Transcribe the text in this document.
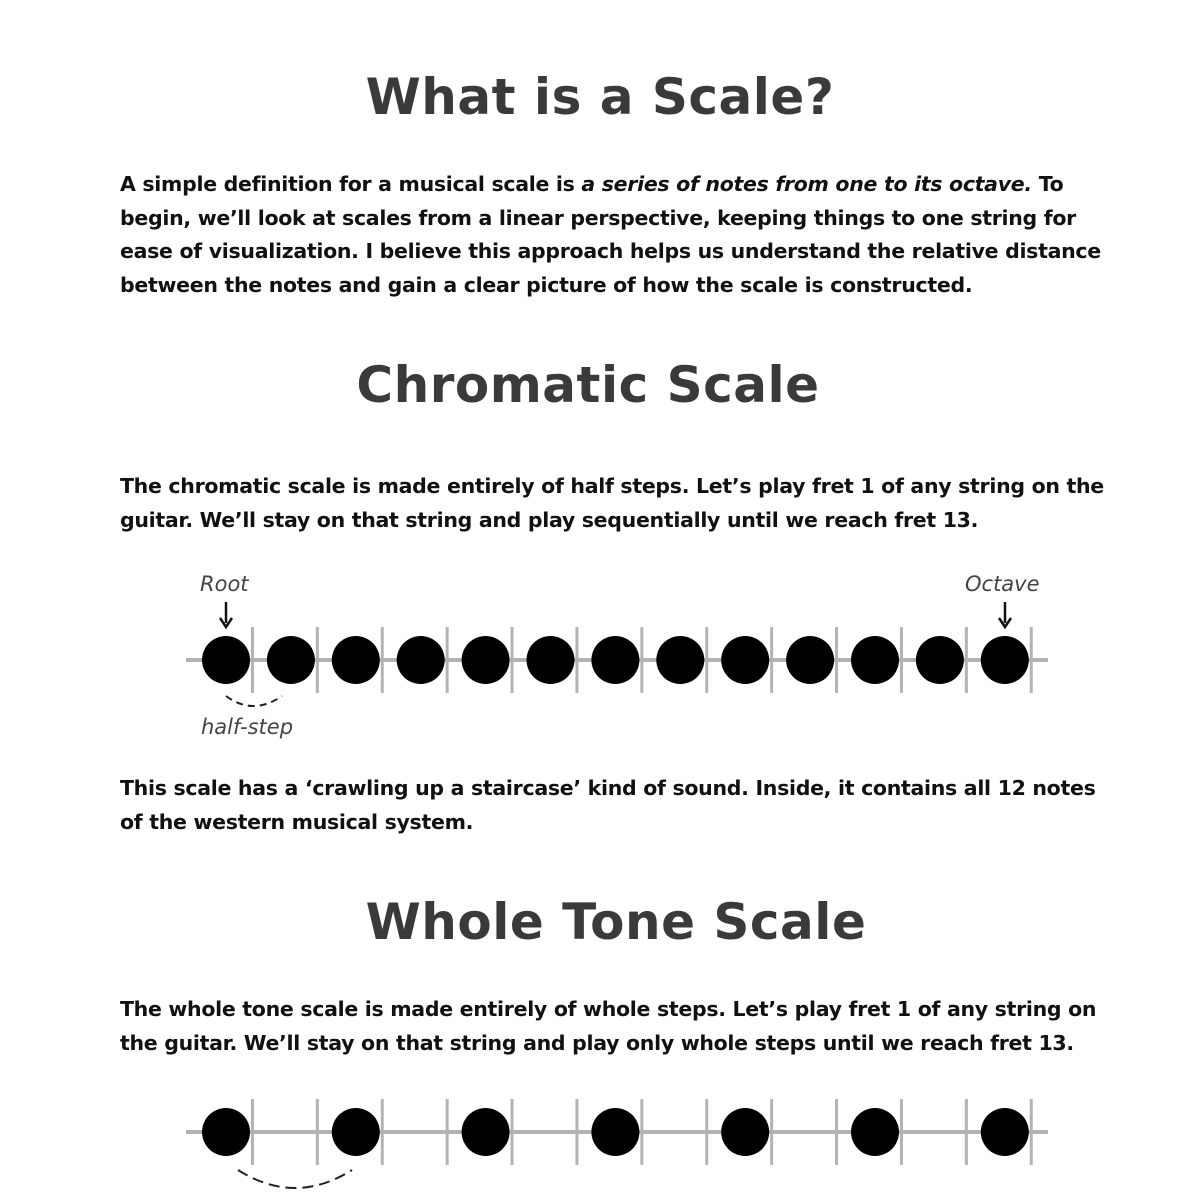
What is a Scale?

A simple definition for a musical scale is a series of notes from one to its octave. To begin, we’ll look at scales from a linear perspective, keeping things to one string for ease of visualization. I believe this approach helps us understand the relative distance between the notes and gain a clear picture of how the scale is constructed.

Chromatic Scale

The chromatic scale is made entirely of half steps. Let’s play fret 1 of any string on the guitar. We’ll stay on that string and play sequentially until we reach fret 13.

Root	Octave
half-step

This scale has a ‘crawling up a staircase’ kind of sound. Inside, it contains all 12 notes of the western musical system.

Whole Tone Scale

The whole tone scale is made entirely of whole steps. Let’s play fret 1 of any string on the guitar. We’ll stay on that string and play only whole steps until we reach fret 13.
